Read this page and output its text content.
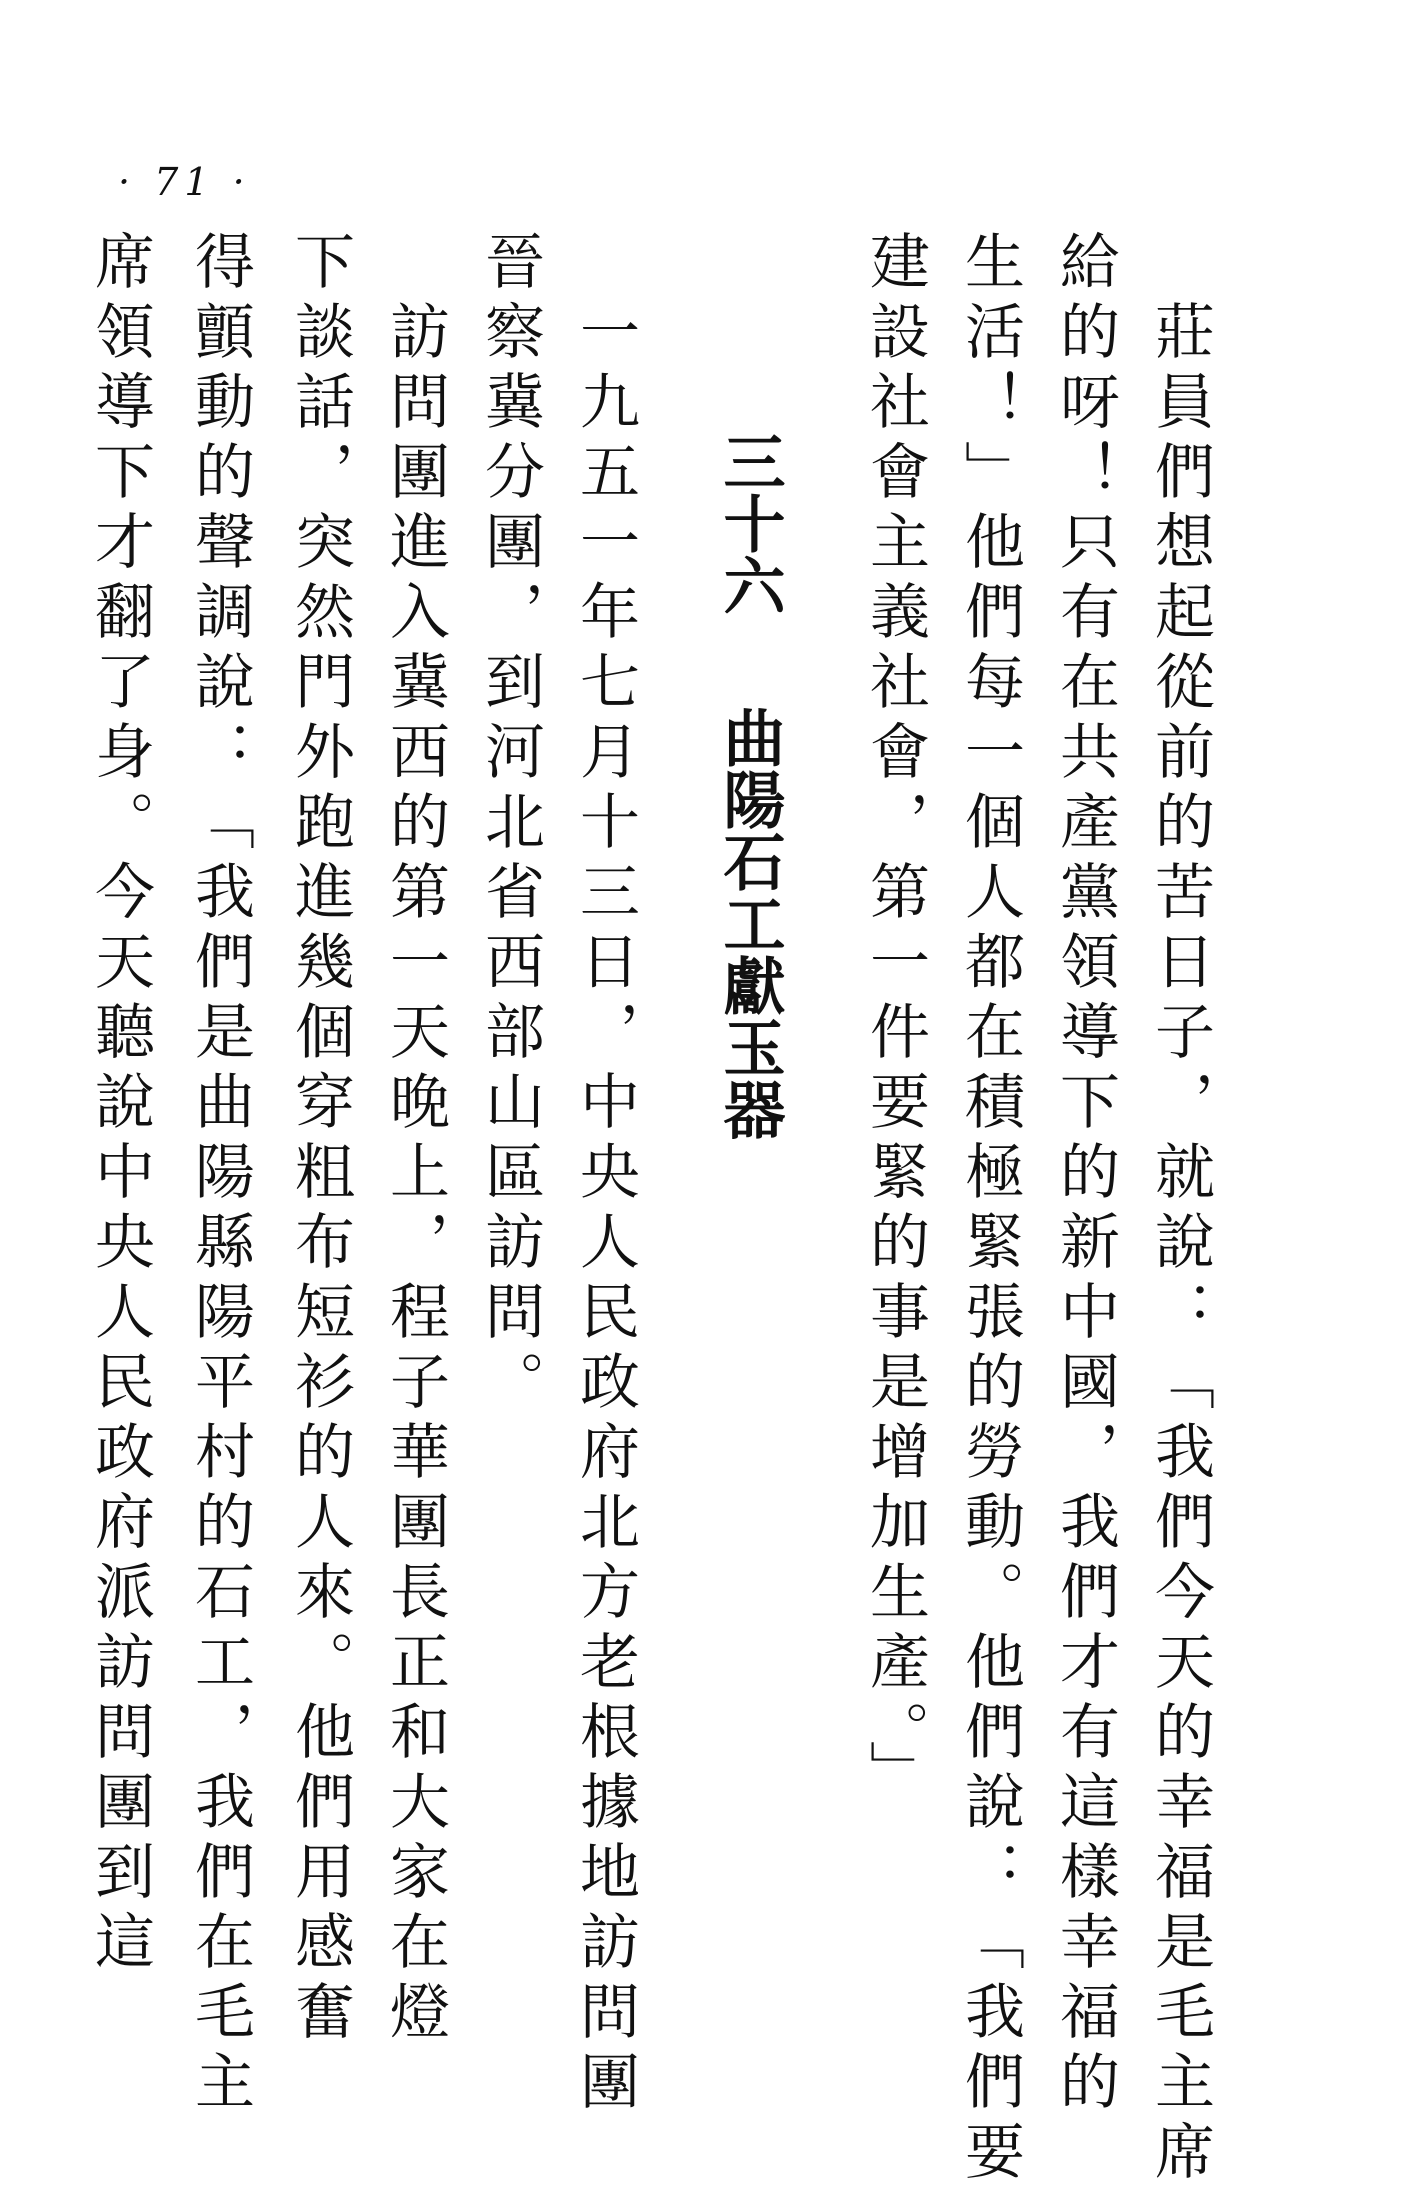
· 71 ·
莊員們想起從前的苦日子，就說：「我們今天的幸福是毛主席
給的呀！只有在共產黨領導下的新中國，我們才有這樣幸福的
生活！」他們每一個人都在積極緊張的勞動。他們說：「我們要
建設社會主義社會，第一件要緊的事是增加生產。」
三十六曲陽石工獻玉器
一九五一年七月十三日，中央人民政府北方老根據地訪問團
晉察冀分團，到河北省西部山區訪問。
訪問團進入冀西的第一天晚上，程子華團長正和大家在燈
下談話，突然門外跑進幾個穿粗布短衫的人來。他們用感奮
得顫動的聲調說：「我們是曲陽縣陽平村的石工，我們在毛主
席領導下才翻了身。今天聽說中央人民政府派訪問團到這
